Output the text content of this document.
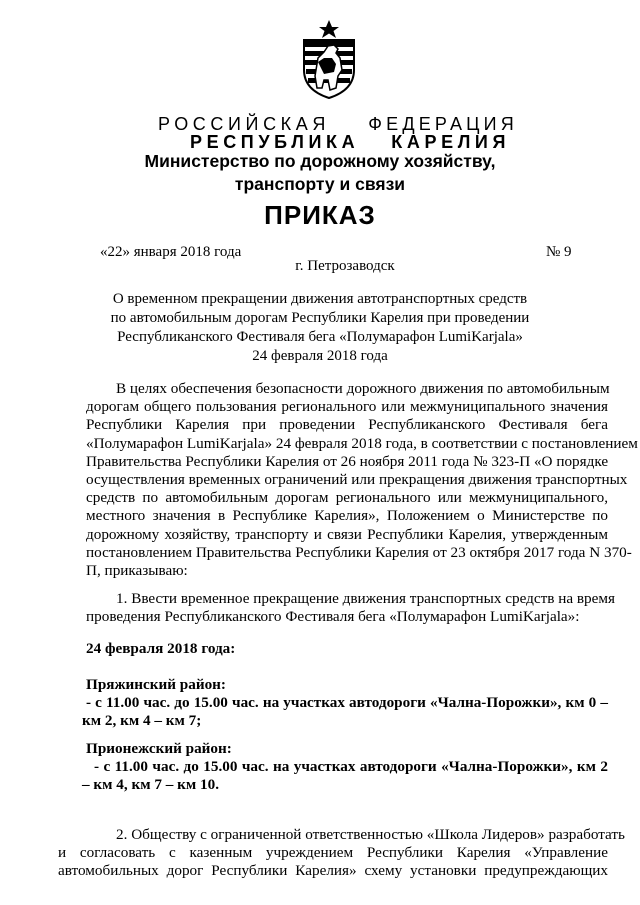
РОССИЙСКАЯ ФЕДЕРАЦИЯ
РЕСПУБЛИКА КАРЕЛИЯ
Министерство по дорожному хозяйству,
транспорту и связи
ПРИКАЗ
«22» января 2018 года	№ 9
г. Петрозаводск
О временном прекращении движения автотранспортных средств
по автомобильным дорогам Республики Карелия при проведении
Республиканского Фестиваля бега «Полумарафон LumiKarjala»
24 февраля 2018 года
В целях обеспечения безопасности дорожного движения по автомобильным
дорогам общего пользования регионального или межмуниципального значения
Республики Карелия при проведении Республиканского Фестиваля бега
«Полумарафон LumiKarjala» 24 февраля 2018 года, в соответствии с постановлением
Правительства Республики Карелия от 26 ноября 2011 года № 323-П «О порядке
осуществления временных ограничений или прекращения движения транспортных
средств по автомобильным дорогам регионального или межмуниципального,
местного значения в Республике Карелия», Положением о Министерстве по
дорожному хозяйству, транспорту и связи Республики Карелия, утвержденным
постановлением Правительства Республики Карелия от 23 октября 2017 года N 370-
П, приказываю:
1. Ввести временное прекращение движения транспортных средств на время
проведения Республиканского Фестиваля бега «Полумарафон LumiKarjala»:
24 февраля 2018 года:
Пряжинский район:
- с 11.00 час. до 15.00 час. на участках автодороги «Чална-Порожки», км 0 –
км 2, км 4 – км 7;
Прионежский район:
- с 11.00 час. до 15.00 час. на участках автодороги «Чална-Порожки», км 2
– км 4, км 7 – км 10.
2. Обществу с ограниченной ответственностью «Школа Лидеров» разработать
и согласовать с казенным учреждением Республики Карелия «Управление
автомобильных дорог Республики Карелия» схему установки предупреждающих
